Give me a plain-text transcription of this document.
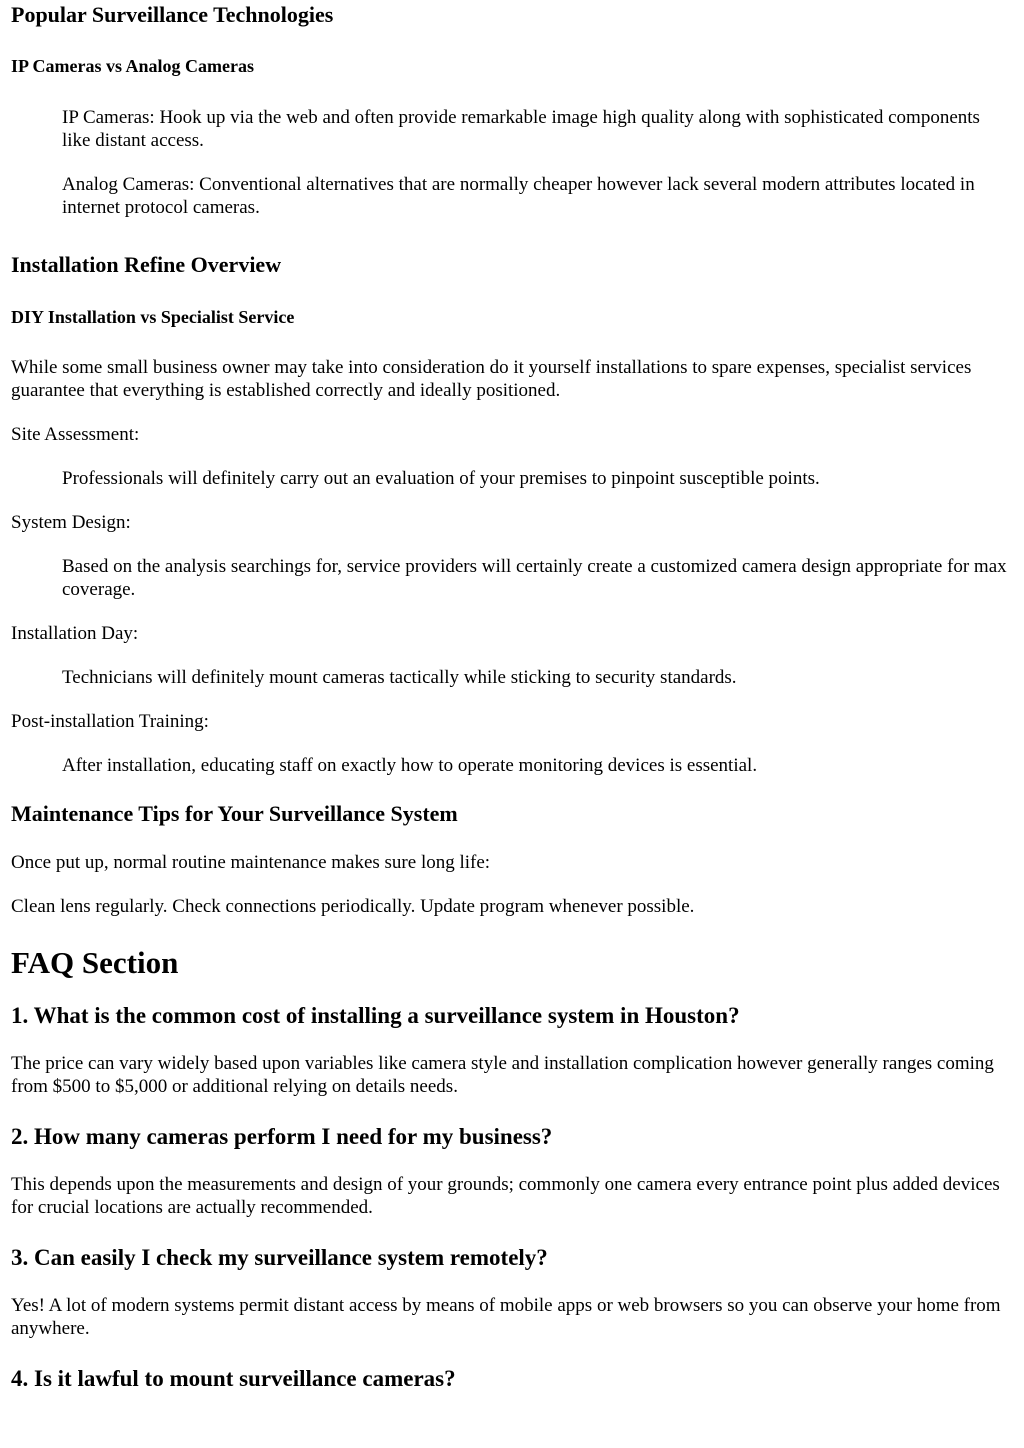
Popular Surveillance Technologies
IP Cameras vs Analog Cameras

IP Cameras: Hook up via the web and often provide remarkable image high quality along with sophisticated components like distant access.

Analog Cameras: Conventional alternatives that are normally cheaper however lack several modern attributes located in internet protocol cameras.

Installation Refine Overview
DIY Installation vs Specialist Service

While some small business owner may take into consideration do it yourself installations to spare expenses, specialist services guarantee that everything is established correctly and ideally positioned.

Site Assessment:

Professionals will definitely carry out an evaluation of your premises to pinpoint susceptible points.

System Design:

Based on the analysis searchings for, service providers will certainly create a customized camera design appropriate for max coverage.

Installation Day:

Technicians will definitely mount cameras tactically while sticking to security standards.

Post-installation Training:

After installation, educating staff on exactly how to operate monitoring devices is essential.

Maintenance Tips for Your Surveillance System

Once put up, normal routine maintenance makes sure long life:

Clean lens regularly. Check connections periodically. Update program whenever possible.

FAQ Section
1. What is the common cost of installing a surveillance system in Houston?

The price can vary widely based upon variables like camera style and installation complication however generally ranges coming from $500 to $5,000 or additional relying on details needs.

2. How many cameras perform I need for my business?

This depends upon the measurements and design of your grounds; commonly one camera every entrance point plus added devices for crucial locations are actually recommended.

3. Can easily I check my surveillance system remotely?

Yes! A lot of modern systems permit distant access by means of mobile apps or web browsers so you can observe your home from anywhere.

4. Is it lawful to mount surveillance cameras?
